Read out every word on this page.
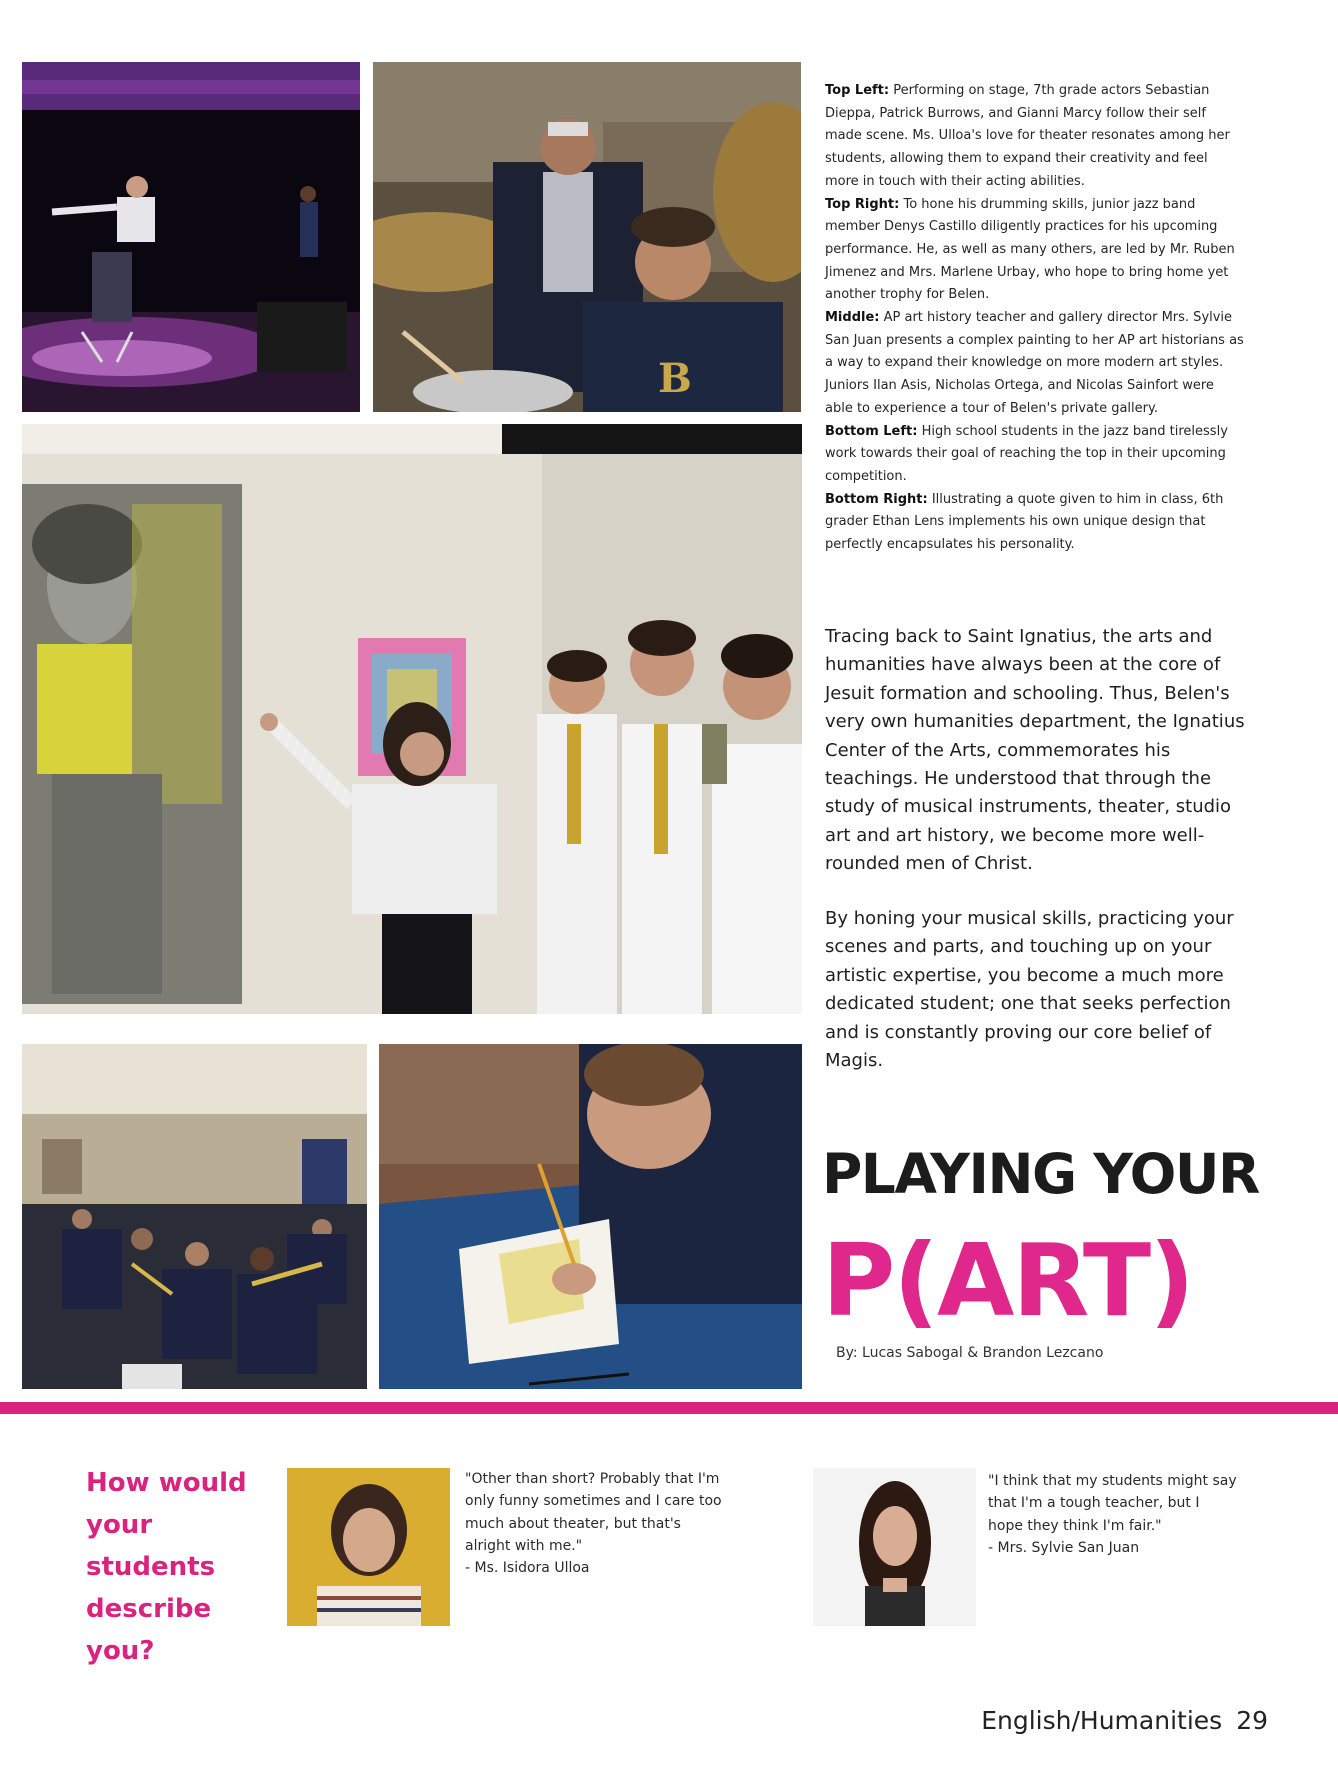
B

Top Left: Performing on stage, 7th grade actors Sebastian Dieppa, Patrick Burrows, and Gianni Marcy follow their self made scene. Ms. Ulloa's love for theater resonates among her students, allowing them to expand their creativity and feel more in touch with their acting abilities.

Top Right: To hone his drumming skills, junior jazz band member Denys Castillo diligently practices for his upcoming performance. He, as well as many others, are led by Mr. Ruben Jimenez and Mrs. Marlene Urbay, who hope to bring home yet another trophy for Belen.

Middle: AP art history teacher and gallery director Mrs. Sylvie San Juan presents a complex painting to her AP art historians as a way to expand their knowledge on more modern art styles. Juniors Ilan Asis, Nicholas Ortega, and Nicolas Sainfort were able to experience a tour of Belen's private gallery.

Bottom Left: High school students in the jazz band tirelessly work towards their goal of reaching the top in their upcoming competition.

Bottom Right: Illustrating a quote given to him in class, 6th grader Ethan Lens implements his own unique design that perfectly encapsulates his personality.

Tracing back to Saint Ignatius, the arts and humanities have always been at the core of Jesuit formation and schooling. Thus, Belen's very own humanities department, the Ignatius Center of the Arts, commemorates his teachings. He understood that through the study of musical instruments, theater, studio art and art history, we become more well-rounded men of Christ.

By honing your musical skills, practicing your scenes and parts, and touching up on your artistic expertise, you become a much more dedicated student; one that seeks perfection and is constantly proving our core belief of Magis.

PLAYING YOUR
P(ART)
By: Lucas Sabogal & Brandon Lezcano
How would your students describe you?

"Other than short? Probably that I'm only funny sometimes and I care too much about theater, but that's alright with me."

- Ms. Isidora Ulloa

"I think that my students might say that I'm a tough teacher, but I hope they think I'm fair."

- Mrs. Sylvie San Juan

English/Humanities 29
